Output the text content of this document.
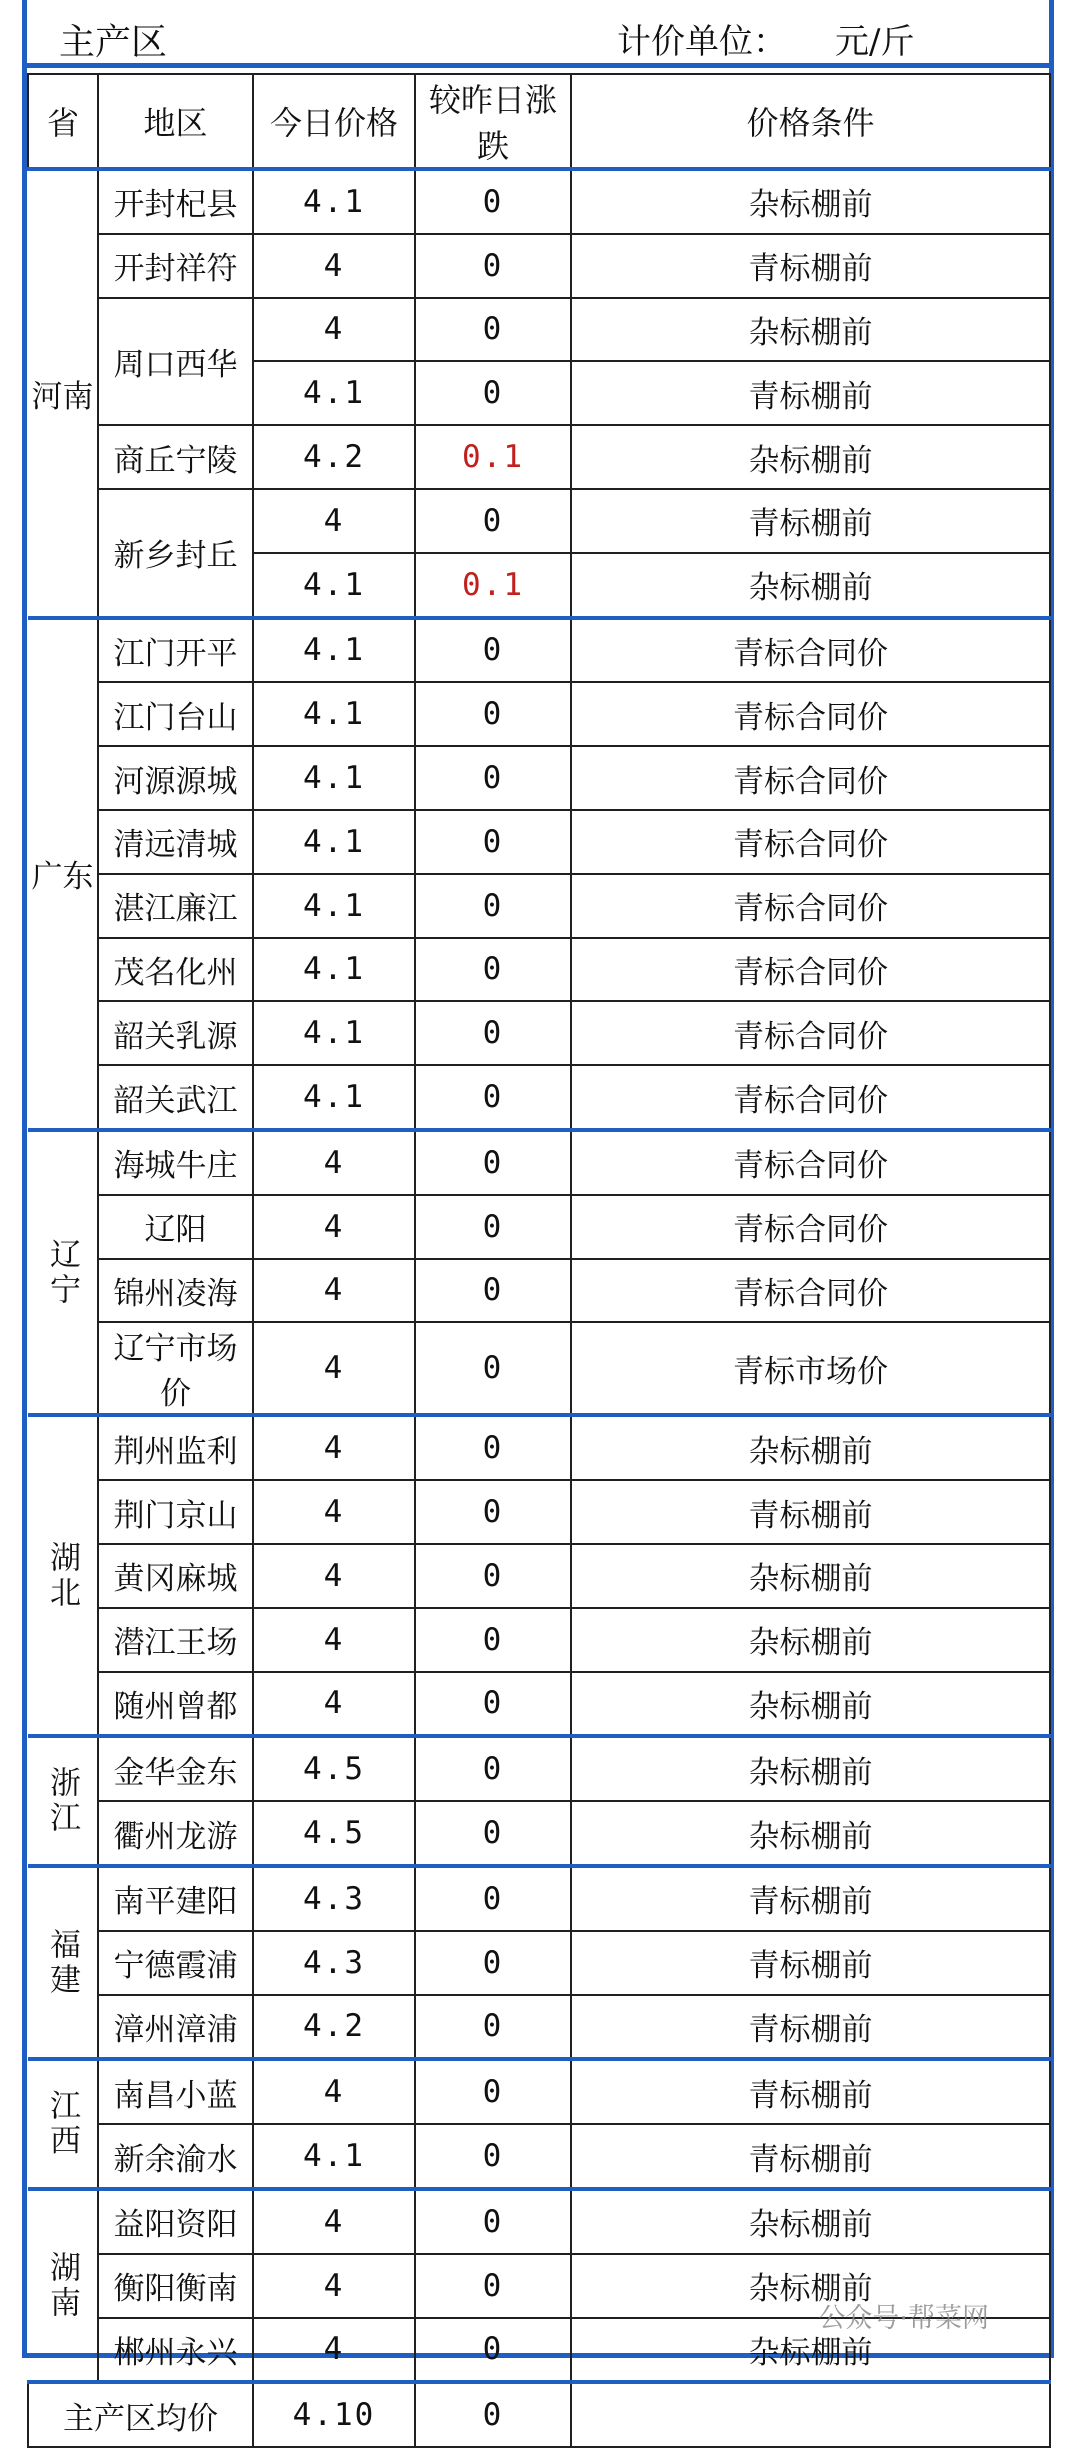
主产区	计价单位： 元/斤
省	地区	今日价格	较昨日涨跌	价格条件
河南	开封杞县	4.1	0	杂标棚前
	开封祥符	4	0	青标棚前
	周口西华	4	0	杂标棚前
		4.1	0	青标棚前
	商丘宁陵	4.2	0.1	杂标棚前
	新乡封丘	4	0	青标棚前
		4.1	0.1	杂标棚前
广东	江门开平	4.1	0	青标合同价
	江门台山	4.1	0	青标合同价
	河源源城	4.1	0	青标合同价
	清远清城	4.1	0	青标合同价
	湛江廉江	4.1	0	青标合同价
	茂名化州	4.1	0	青标合同价
	韶关乳源	4.1	0	青标合同价
	韶关武江	4.1	0	青标合同价
辽宁	海城牛庄	4	0	青标合同价
	辽阳	4	0	青标合同价
	锦州凌海	4	0	青标合同价
	辽宁市场价	4	0	青标市场价
湖北	荆州监利	4	0	杂标棚前
	荆门京山	4	0	青标棚前
	黄冈麻城	4	0	杂标棚前
	潜江王场	4	0	杂标棚前
	随州曾都	4	0	杂标棚前
浙江	金华金东	4.5	0	杂标棚前
	衢州龙游	4.5	0	杂标棚前
福建	南平建阳	4.3	0	青标棚前
	宁德霞浦	4.3	0	青标棚前
	漳州漳浦	4.2	0	青标棚前
江西	南昌小蓝	4	0	青标棚前
	新余渝水	4.1	0	青标棚前
湖南	益阳资阳	4	0	杂标棚前
	衡阳衡南	4	0	杂标棚前
	郴州永兴	4	0	杂标棚前
主产区均价		4.10	0	
公众号·帮菜网
